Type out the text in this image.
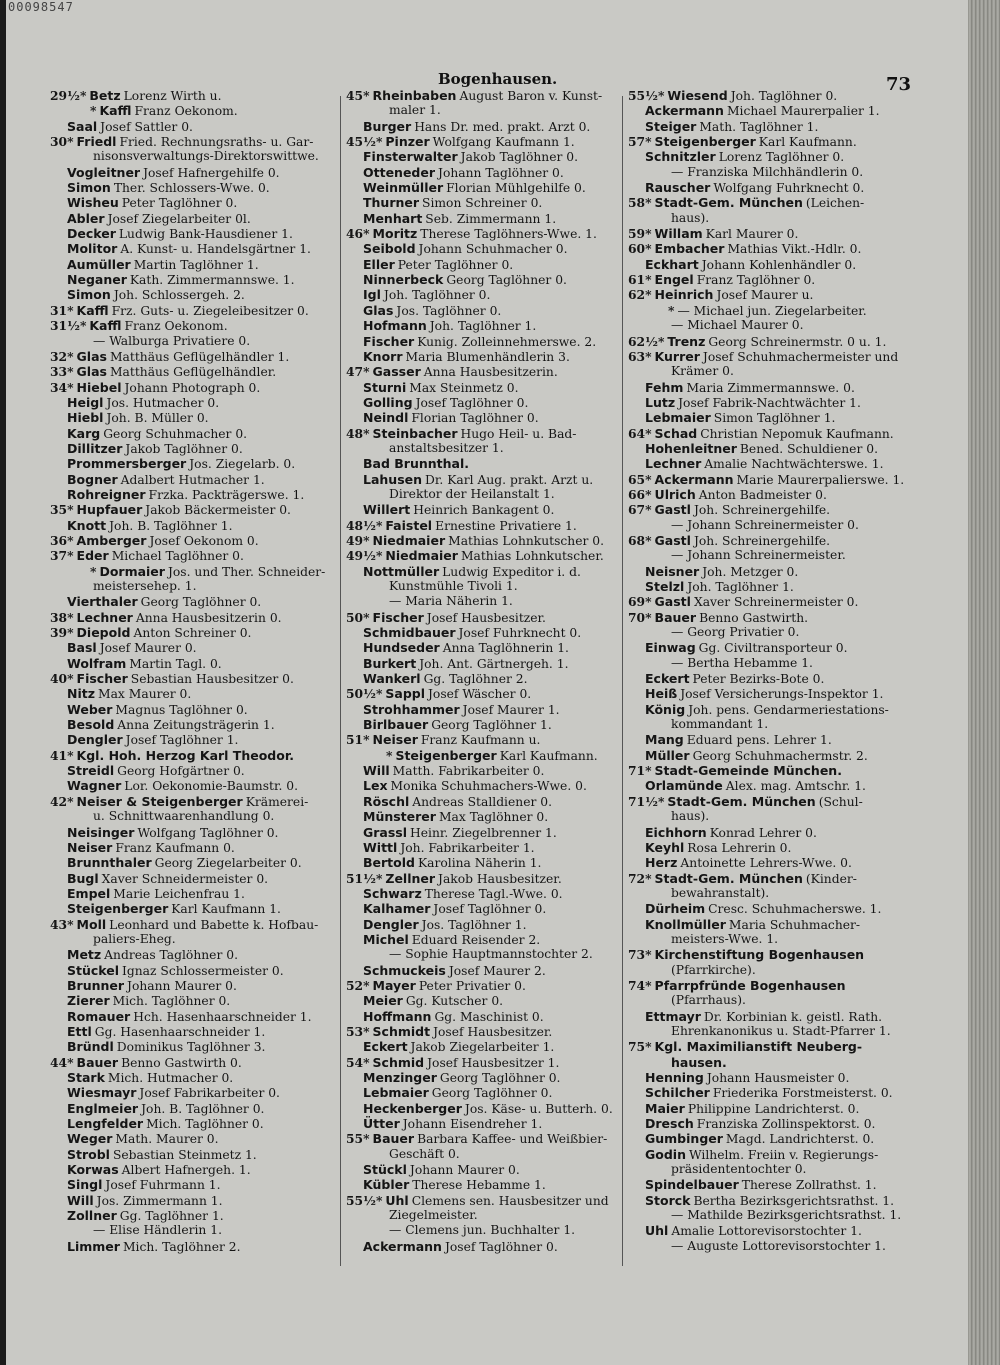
00098547
Bogenhausen.	73
29½* Betz Lorenz Wirth u.
* Kaffl Franz Oekonom.
Saal Josef Sattler 0.
30* Friedl Fried. Rechnungsraths- u. Gar-
nisonsverwaltungs-Direktorswittwe.
Vogleitner Josef Hafnergehilfe 0.
Simon Ther. Schlossers-Wwe. 0.
Wisheu Peter Taglöhner 0.
Abler Josef Ziegelarbeiter 0l.
Decker Ludwig Bank-Hausdiener 1.
Molitor A. Kunst- u. Handelsgärtner 1.
Aumüller Martin Taglöhner 1.
Neganer Kath. Zimmermannswe. 1.
Simon Joh. Schlossergeh. 2.
31* Kaffl Frz. Guts- u. Ziegeleibesitzer 0.
31½* Kaffl Franz Oekonom.
— Walburga Privatiere 0.
32* Glas Matthäus Geflügelhändler 1.
33* Glas Matthäus Geflügelhändler.
34* Hiebel Johann Photograph 0.
Heigl Jos. Hutmacher 0.
Hiebl Joh. B. Müller 0.
Karg Georg Schuhmacher 0.
Dillitzer Jakob Taglöhner 0.
Prommersberger Jos. Ziegelarb. 0.
Bogner Adalbert Hutmacher 1.
Rohreigner Frzka. Packträgerswe. 1.
35* Hupfauer Jakob Bäckermeister 0.
Knott Joh. B. Taglöhner 1.
36* Amberger Josef Oekonom 0.
37* Eder Michael Taglöhner 0.
* Dormaier Jos. und Ther. Schneider-
meistersehep. 1.
Vierthaler Georg Taglöhner 0.
38* Lechner Anna Hausbesitzerin 0.
39* Diepold Anton Schreiner 0.
Basl Josef Maurer 0.
Wolfram Martin Tagl. 0.
40* Fischer Sebastian Hausbesitzer 0.
Nitz Max Maurer 0.
Weber Magnus Taglöhner 0.
Besold Anna Zeitungsträgerin 1.
Dengler Josef Taglöhner 1.
41* Kgl. Hoh. Herzog Karl Theodor.
Streidl Georg Hofgärtner 0.
Wagner Lor. Oekonomie-Baumstr. 0.
42* Neiser & Steigenberger Krämerei-
u. Schnittwaarenhandlung 0.
Neisinger Wolfgang Taglöhner 0.
Neiser Franz Kaufmann 0.
Brunnthaler Georg Ziegelarbeiter 0.
Bugl Xaver Schneidermeister 0.
Empel Marie Leichenfrau 1.
Steigenberger Karl Kaufmann 1.
43* Moll Leonhard und Babette k. Hofbau-
paliers-Eheg.
Metz Andreas Taglöhner 0.
Stückel Ignaz Schlossermeister 0.
Brunner Johann Maurer 0.
Zierer Mich. Taglöhner 0.
Romauer Hch. Hasenhaarschneider 1.
Ettl Gg. Hasenhaarschneider 1.
Bründl Dominikus Taglöhner 3.
44* Bauer Benno Gastwirth 0.
Stark Mich. Hutmacher 0.
Wiesmayr Josef Fabrikarbeiter 0.
Englmeier Joh. B. Taglöhner 0.
Lengfelder Mich. Taglöhner 0.
Weger Math. Maurer 0.
Strobl Sebastian Steinmetz 1.
Korwas Albert Hafnergeh. 1.
Singl Josef Fuhrmann 1.
Will Jos. Zimmermann 1.
Zollner Gg. Taglöhner 1.
— Elise Händlerin 1.
Limmer Mich. Taglöhner 2.
45* Rheinbaben August Baron v. Kunst-
maler 1.
Burger Hans Dr. med. prakt. Arzt 0.
45½* Pinzer Wolfgang Kaufmann 1.
Finsterwalter Jakob Taglöhner 0.
Otteneder Johann Taglöhner 0.
Weinmüller Florian Mühlgehilfe 0.
Thurner Simon Schreiner 0.
Menhart Seb. Zimmermann 1.
46* Moritz Therese Taglöhners-Wwe. 1.
Seibold Johann Schuhmacher 0.
Eller Peter Taglöhner 0.
Ninnerbeck Georg Taglöhner 0.
Igl Joh. Taglöhner 0.
Glas Jos. Taglöhner 0.
Hofmann Joh. Taglöhner 1.
Fischer Kunig. Zolleinnehmerswe. 2.
Knorr Maria Blumenhändlerin 3.
47* Gasser Anna Hausbesitzerin.
Sturni Max Steinmetz 0.
Golling Josef Taglöhner 0.
Neindl Florian Taglöhner 0.
48* Steinbacher Hugo Heil- u. Bad-
anstaltsbesitzer 1.
Bad Brunnthal.
Lahusen Dr. Karl Aug. prakt. Arzt u.
Direktor der Heilanstalt 1.
Willert Heinrich Bankagent 0.
48½* Faistel Ernestine Privatiere 1.
49* Niedmaier Mathias Lohnkutscher 0.
49½* Niedmaier Mathias Lohnkutscher.
Nottmüller Ludwig Expeditor i. d.
Kunstmühle Tivoli 1.
— Maria Näherin 1.
50* Fischer Josef Hausbesitzer.
Schmidbauer Josef Fuhrknecht 0.
Hundseder Anna Taglöhnerin 1.
Burkert Joh. Ant. Gärtnergeh. 1.
Wankerl Gg. Taglöhner 2.
50½* Sappl Josef Wäscher 0.
Strohhammer Josef Maurer 1.
Birlbauer Georg Taglöhner 1.
51* Neiser Franz Kaufmann u.
* Steigenberger Karl Kaufmann.
Will Matth. Fabrikarbeiter 0.
Lex Monika Schuhmachers-Wwe. 0.
Röschl Andreas Stalldiener 0.
Münsterer Max Taglöhner 0.
Grassl Heinr. Ziegelbrenner 1.
Wittl Joh. Fabrikarbeiter 1.
Bertold Karolina Näherin 1.
51½* Zellner Jakob Hausbesitzer.
Schwarz Therese Tagl.-Wwe. 0.
Kalhamer Josef Taglöhner 0.
Dengler Jos. Taglöhner 1.
Michel Eduard Reisender 2.
— Sophie Hauptmannstochter 2.
Schmuckeis Josef Maurer 2.
52* Mayer Peter Privatier 0.
Meier Gg. Kutscher 0.
Hoffmann Gg. Maschinist 0.
53* Schmidt Josef Hausbesitzer.
Eckert Jakob Ziegelarbeiter 1.
54* Schmid Josef Hausbesitzer 1.
Menzinger Georg Taglöhner 0.
Lebmaier Georg Taglöhner 0.
Heckenberger Jos. Käse- u. Butterh. 0.
Ütter Johann Eisendreher 1.
55* Bauer Barbara Kaffee- und Weißbier-
Geschäft 0.
Stückl Johann Maurer 0.
Kübler Therese Hebamme 1.
55½* Uhl Clemens sen. Hausbesitzer und
Ziegelmeister.
— Clemens jun. Buchhalter 1.
Ackermann Josef Taglöhner 0.
55½* Wiesend Joh. Taglöhner 0.
Ackermann Michael Maurerpalier 1.
Steiger Math. Taglöhner 1.
57* Steigenberger Karl Kaufmann.
Schnitzler Lorenz Taglöhner 0.
— Franziska Milchhändlerin 0.
Rauscher Wolfgang Fuhrknecht 0.
58* Stadt-Gem. München (Leichen-
haus).
59* Willam Karl Maurer 0.
60* Embacher Mathias Vikt.-Hdlr. 0.
Eckhart Johann Kohlenhändler 0.
61* Engel Franz Taglöhner 0.
62* Heinrich Josef Maurer u.
* — Michael jun. Ziegelarbeiter.
— Michael Maurer 0.
62½* Trenz Georg Schreinermstr. 0 u. 1.
63* Kurrer Josef Schuhmachermeister und
Krämer 0.
Fehm Maria Zimmermannswe. 0.
Lutz Josef Fabrik-Nachtwächter 1.
Lebmaier Simon Taglöhner 1.
64* Schad Christian Nepomuk Kaufmann.
Hohenleitner Bened. Schuldiener 0.
Lechner Amalie Nachtwächterswe. 1.
65* Ackermann Marie Maurerpalierswe. 1.
66* Ulrich Anton Badmeister 0.
67* Gastl Joh. Schreinergehilfe.
— Johann Schreinermeister 0.
68* Gastl Joh. Schreinergehilfe.
— Johann Schreinermeister.
Neisner Joh. Metzger 0.
Stelzl Joh. Taglöhner 1.
69* Gastl Xaver Schreinermeister 0.
70* Bauer Benno Gastwirth.
— Georg Privatier 0.
Einwag Gg. Civiltransporteur 0.
— Bertha Hebamme 1.
Eckert Peter Bezirks-Bote 0.
Heiß Josef Versicherungs-Inspektor 1.
König Joh. pens. Gendarmeriestations-
kommandant 1.
Mang Eduard pens. Lehrer 1.
Müller Georg Schuhmachermstr. 2.
71* Stadt-Gemeinde München.
Orlamünde Alex. mag. Amtschr. 1.
71½* Stadt-Gem. München (Schul-
haus).
Eichhorn Konrad Lehrer 0.
Keyhl Rosa Lehrerin 0.
Herz Antoinette Lehrers-Wwe. 0.
72* Stadt-Gem. München (Kinder-
bewahranstalt).
Dürheim Cresc. Schuhmacherswe. 1.
Knollmüller Maria Schuhmacher-
meisters-Wwe. 1.
73* Kirchenstiftung Bogenhausen
(Pfarrkirche).
74* Pfarrpfründe Bogenhausen
(Pfarrhaus).
Ettmayr Dr. Korbinian k. geistl. Rath.
Ehrenkanonikus u. Stadt-Pfarrer 1.
75* Kgl. Maximilianstift Neuberg-
hausen.
Henning Johann Hausmeister 0.
Schilcher Friederika Forstmeisterst. 0.
Maier Philippine Landrichterst. 0.
Dresch Franziska Zollinspektorst. 0.
Gumbinger Magd. Landrichterst. 0.
Godin Wilhelm. Freiin v. Regierungs-
präsidententochter 0.
Spindelbauer Therese Zollrathst. 1.
Storck Bertha Bezirksgerichtsrathst. 1.
— Mathilde Bezirksgerichtsrathst. 1.
Uhl Amalie Lottorevisorstochter 1.
— Auguste Lottorevisorstochter 1.
